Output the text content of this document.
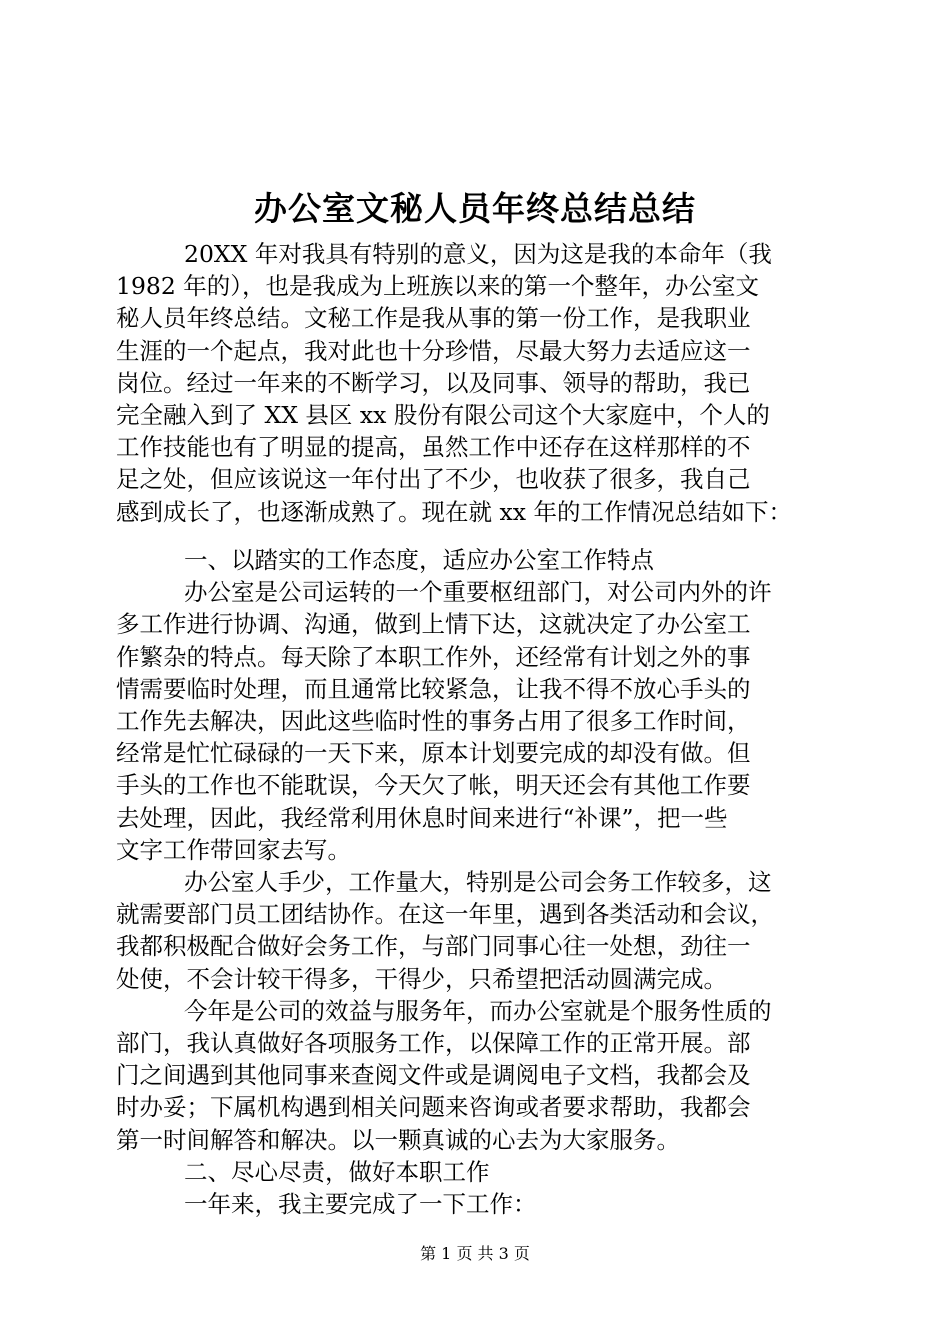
办公室文秘人员年终总结总结
20XX 年对我具有特别的意义，因为这是我的本命年（我
1982 年的），也是我成为上班族以来的第一个整年，办公室文
秘人员年终总结。文秘工作是我从事的第一份工作，是我职业
生涯的一个起点，我对此也十分珍惜，尽最大努力去适应这一
岗位。经过一年来的不断学习，以及同事、领导的帮助，我已
完全融入到了 XX 县区 xx 股份有限公司这个大家庭中，个人的
工作技能也有了明显的提高，虽然工作中还存在这样那样的不
足之处，但应该说这一年付出了不少，也收获了很多，我自己
感到成长了，也逐渐成熟了。现在就 xx 年的工作情况总结如下：
一、以踏实的工作态度，适应办公室工作特点
办公室是公司运转的一个重要枢纽部门，对公司内外的许
多工作进行协调、沟通，做到上情下达，这就决定了办公室工
作繁杂的特点。每天除了本职工作外，还经常有计划之外的事
情需要临时处理，而且通常比较紧急，让我不得不放心手头的
工作先去解决，因此这些临时性的事务占用了很多工作时间，
经常是忙忙碌碌的一天下来，原本计划要完成的却没有做。但
手头的工作也不能耽误，今天欠了帐，明天还会有其他工作要
去处理，因此，我经常利用休息时间来进行“补课”，把一些
文字工作带回家去写。
办公室人手少，工作量大，特别是公司会务工作较多，这
就需要部门员工团结协作。在这一年里，遇到各类活动和会议，
我都积极配合做好会务工作，与部门同事心往一处想，劲往一
处使，不会计较干得多，干得少，只希望把活动圆满完成。
今年是公司的效益与服务年，而办公室就是个服务性质的
部门，我认真做好各项服务工作，以保障工作的正常开展。部
门之间遇到其他同事来查阅文件或是调阅电子文档，我都会及
时办妥；下属机构遇到相关问题来咨询或者要求帮助，我都会
第一时间解答和解决。以一颗真诚的心去为大家服务。
二、尽心尽责，做好本职工作
一年来，我主要完成了一下工作：
第 1 页 共 3 页
